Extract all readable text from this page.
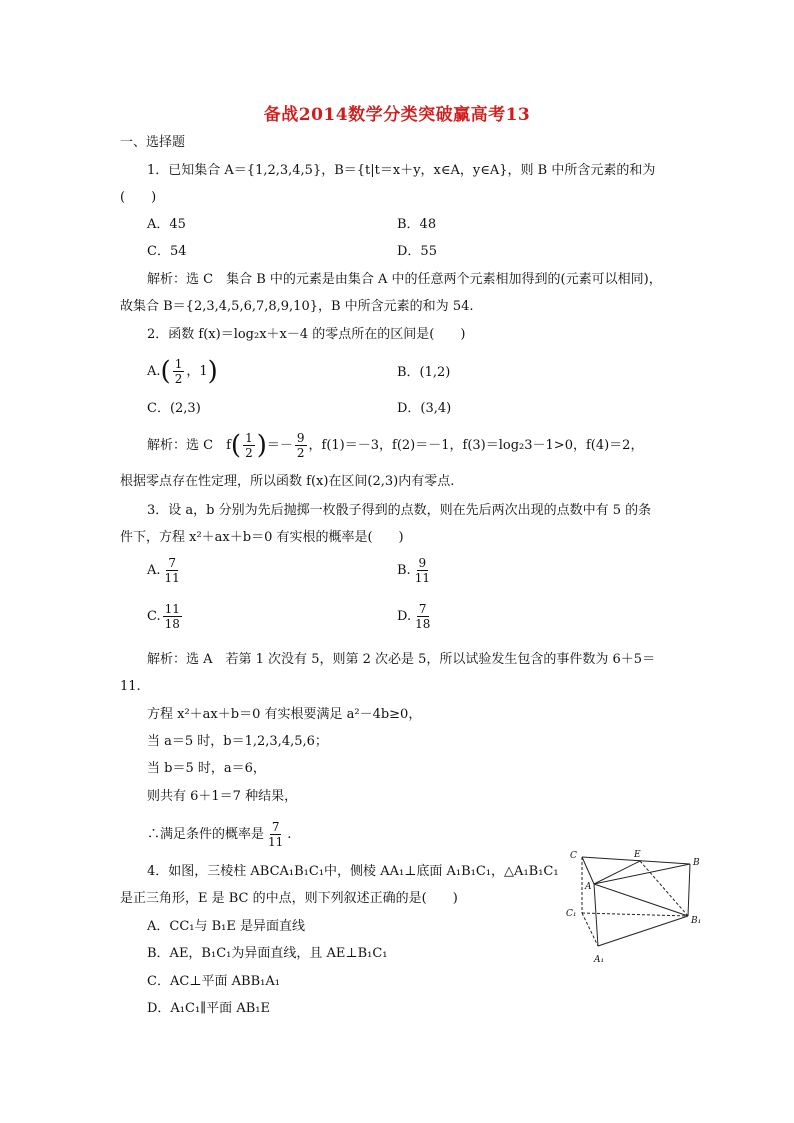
备战2014数学分类突破赢高考13
一、选择题
1．已知集合 A＝{1,2,3,4,5}，B＝{t|t＝x＋y，x∈A，y∈A}，则 B 中所含元素的和为
(　　)
A．45	B．48
C．54	D．55
解析：选 C　集合 B 中的元素是由集合 A 中的任意两个元素相加得到的(元素可以相同)，
故集合 B＝{2,3,4,5,6,7,8,9,10}，B 中所含元素的和为 54.
2．函数 f(x)＝log₂x＋x－4 的零点所在的区间是(　　)
$A.( \frac{1}{2}$ ，1)	B．(1,2)
C．(2,3)	D．(3,4)
解析：选 C　$f( \frac{1}{2}$ )＝－ $\frac{9}{2}$ ，f(1)＝－3，f(2)＝－1，f(3)＝log₂3－1>0，f(4)＝2，
根据零点存在性定理，所以函数 f(x)在区间(2,3)内有零点.
3．设 a，b 分别为先后抛掷一枚骰子得到的点数，则在先后两次出现的点数中有 5 的条
件下，方程 x²＋ax＋b＝0 有实根的概率是(　　)
A. $\frac{7}{11}$	B. $\frac{9}{11}$
C. $\frac{11}{18}$	D. $\frac{7}{18}$
解析：选 A　若第 1 次没有 5，则第 2 次必是 5，所以试验发生包含的事件数为 6＋5＝
11.
方程 x²＋ax＋b＝0 有实根要满足 a²－4b≥0，
当 a＝5 时，b＝1,2,3,4,5,6；
当 b＝5 时，a＝6，
则共有 6＋1＝7 种结果，
∴满足条件的概率是 $\frac{7}{11}$ .
4．如图，三棱柱 ABCA₁B₁C₁中，侧棱 AA₁⊥底面 A₁B₁C₁，△A₁B₁C₁
是正三角形，E 是 BC 的中点，则下列叙述正确的是(　　)
A．CC₁与 B₁E 是异面直线
B．AE，B₁C₁为异面直线，且 AE⊥B₁C₁
C．AC⊥平面 ABB₁A₁
D．A₁C₁∥平面 AB₁E
C	E
B
A
C₁
B₁
A₁
